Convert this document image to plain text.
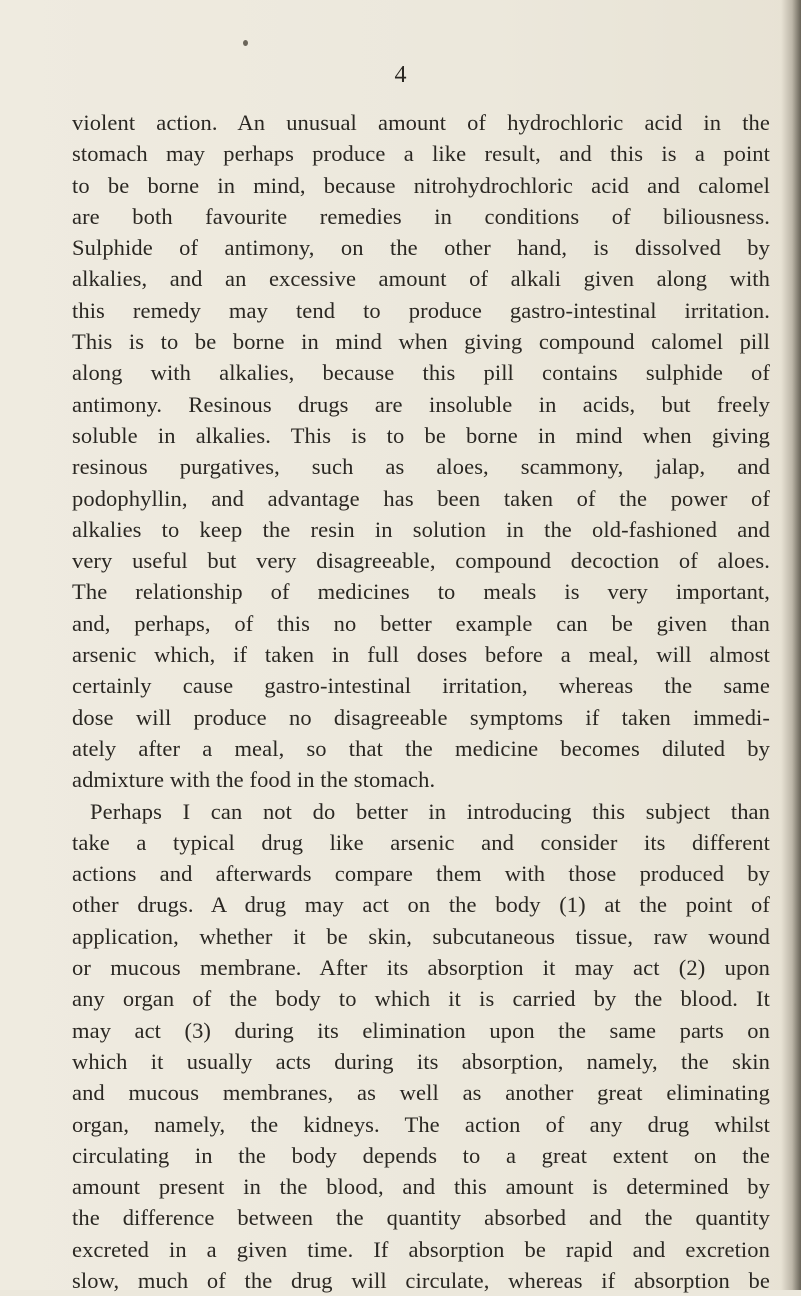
4
violent action. An unusual amount of hydrochloric acid in the
stomach may perhaps produce a like result, and this is a point
to be borne in mind, because nitrohydrochloric acid and calomel
are both favourite remedies in conditions of biliousness.
Sulphide of antimony, on the other hand, is dissolved by
alkalies, and an excessive amount of alkali given along with
this remedy may tend to produce gastro-intestinal irritation.
This is to be borne in mind when giving compound calomel pill
along with alkalies, because this pill contains sulphide of
antimony. Resinous drugs are insoluble in acids, but freely
soluble in alkalies. This is to be borne in mind when giving
resinous purgatives, such as aloes, scammony, jalap, and
podophyllin, and advantage has been taken of the power of
alkalies to keep the resin in solution in the old-fashioned and
very useful but very disagreeable, compound decoction of aloes.
The relationship of medicines to meals is very important,
and, perhaps, of this no better example can be given than
arsenic which, if taken in full doses before a meal, will almost
certainly cause gastro-intestinal irritation, whereas the same
dose will produce no disagreeable symptoms if taken immedi-
ately after a meal, so that the medicine becomes diluted by
admixture with the food in the stomach.
Perhaps I can not do better in introducing this subject than
take a typical drug like arsenic and consider its different
actions and afterwards compare them with those produced by
other drugs. A drug may act on the body (1) at the point of
application, whether it be skin, subcutaneous tissue, raw wound
or mucous membrane. After its absorption it may act (2) upon
any organ of the body to which it is carried by the blood. It
may act (3) during its elimination upon the same parts on
which it usually acts during its absorption, namely, the skin
and mucous membranes, as well as another great eliminating
organ, namely, the kidneys. The action of any drug whilst
circulating in the body depends to a great extent on the
amount present in the blood, and this amount is determined by
the difference between the quantity absorbed and the quantity
excreted in a given time. If absorption be rapid and excretion
slow, much of the drug will circulate, whereas if absorption be
